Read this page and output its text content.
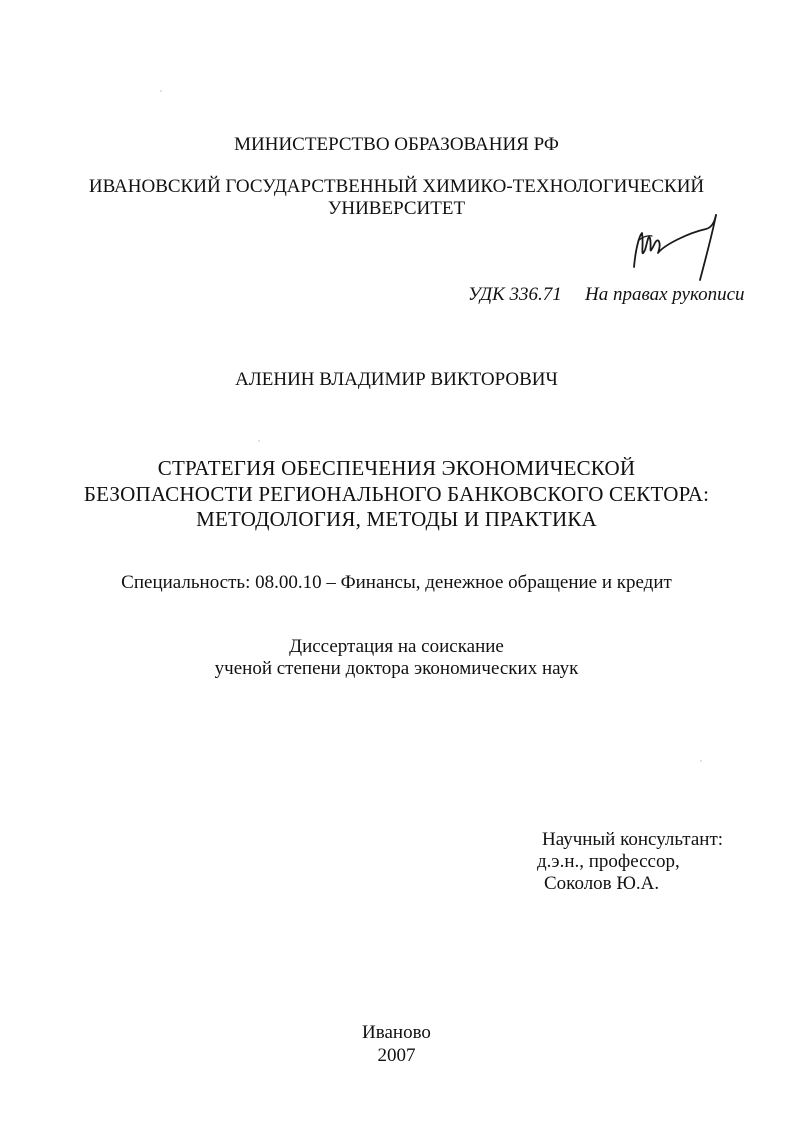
МИНИСТЕРСТВО ОБРАЗОВАНИЯ РФ
ИВАНОВСКИЙ ГОСУДАРСТВЕННЫЙ ХИМИКО-ТЕХНОЛОГИЧЕСКИЙ
УНИВЕРСИТЕТ
УДК 336.71 На правах рукописи
АЛЕНИН ВЛАДИМИР ВИКТОРОВИЧ
СТРАТЕГИЯ ОБЕСПЕЧЕНИЯ ЭКОНОМИЧЕСКОЙ
БЕЗОПАСНОСТИ РЕГИОНАЛЬНОГО БАНКОВСКОГО СЕКТОРА:
МЕТОДОЛОГИЯ, МЕТОДЫ И ПРАКТИКА
Специальность: 08.00.10 – Финансы, денежное обращение и кредит
Диссертация на соискание
ученой степени доктора экономических наук
Научный консультант:
д.э.н., профессор,
Соколов Ю.А.
Иваново
2007
